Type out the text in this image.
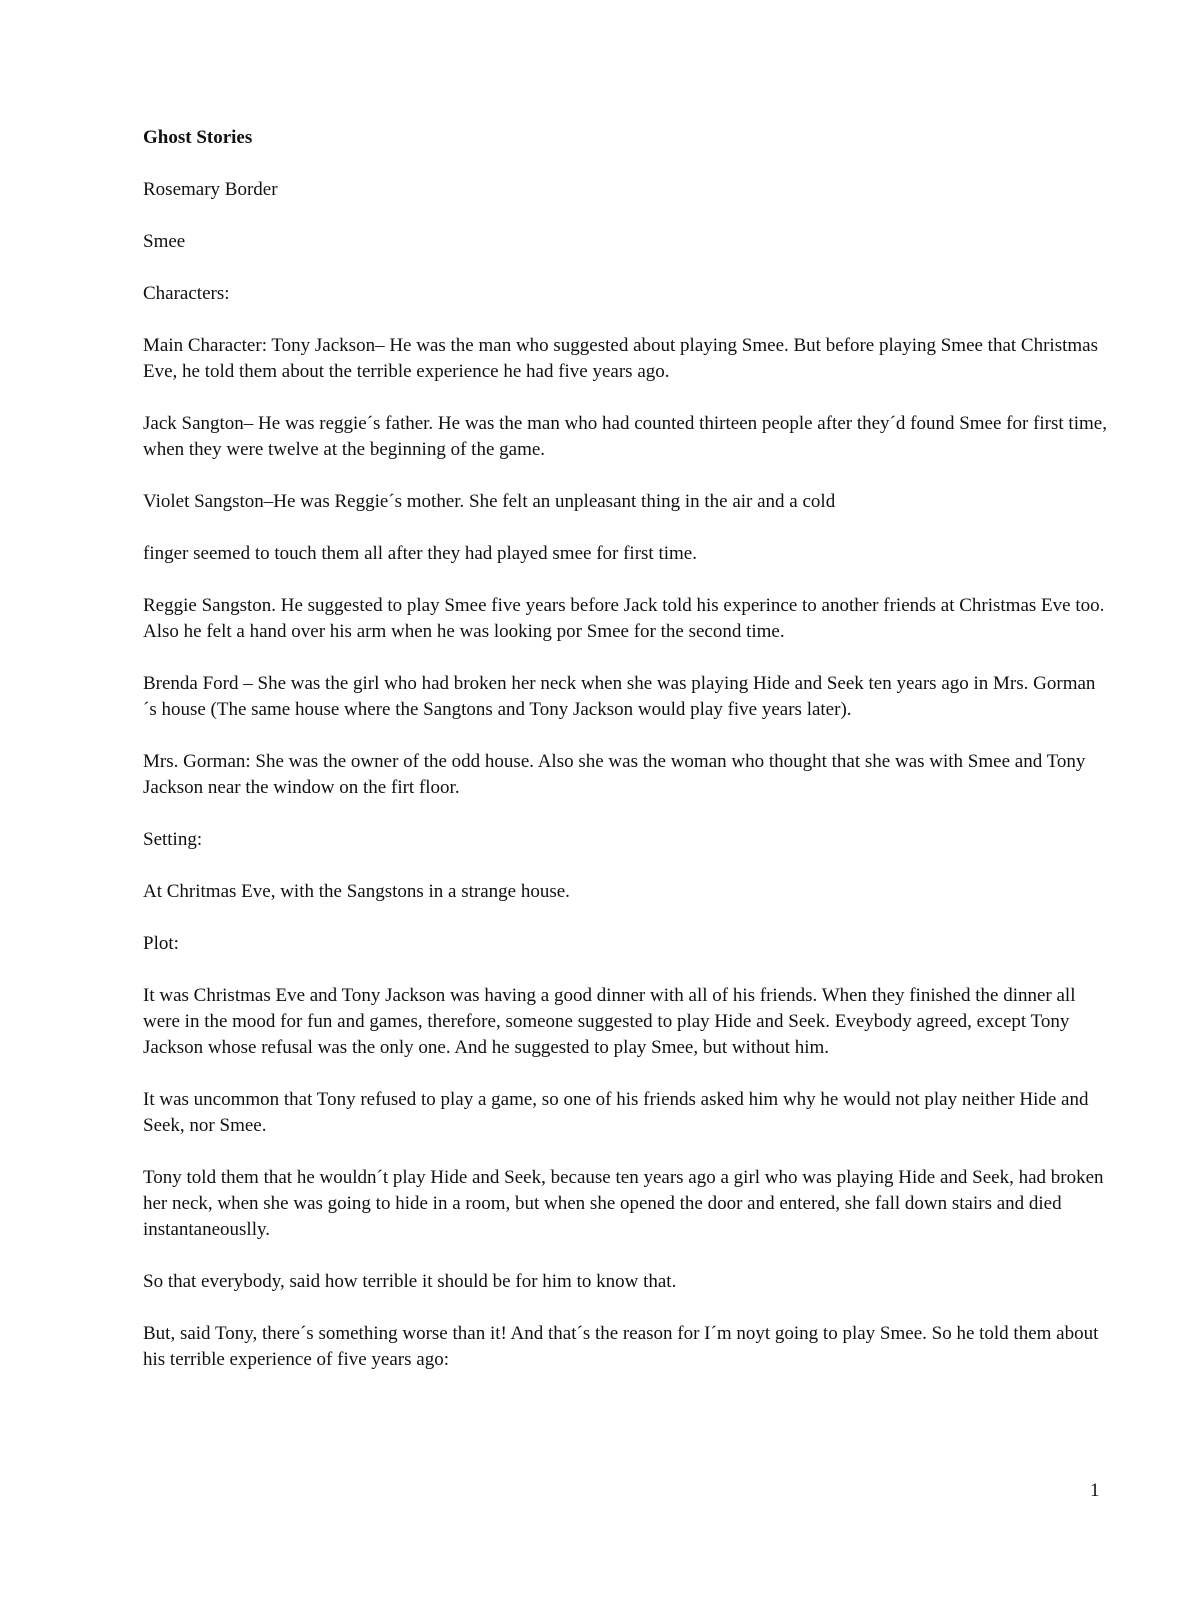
Ghost Stories

Rosemary Border

Smee

Characters:

Main Character: Tony Jackson– He was the man who suggested about playing Smee. But before playing Smee that Christmas Eve, he told them about the terrible experience he had five years ago.

Jack Sangton– He was reggie´s father. He was the man who had counted thirteen people after they´d found Smee for first time, when they were twelve at the beginning of the game.

Violet Sangston–He was Reggie´s mother. She felt an unpleasant thing in the air and a cold

finger seemed to touch them all after they had played smee for first time.

Reggie Sangston. He suggested to play Smee five years before Jack told his experince to another friends at Christmas Eve too. Also he felt a hand over his arm when he was looking por Smee for the second time.

Brenda Ford – She was the girl who had broken her neck when she was playing Hide and Seek ten years ago in Mrs. Gorman´s house (The same house where the Sangtons and Tony Jackson would play five years later).

Mrs. Gorman: She was the owner of the odd house. Also she was the woman who thought that she was with Smee and Tony Jackson near the window on the firt floor.

Setting:

At Chritmas Eve, with the Sangstons in a strange house.

Plot:

It was Christmas Eve and Tony Jackson was having a good dinner with all of his friends. When they finished the dinner all were in the mood for fun and games, therefore, someone suggested to play Hide and Seek. Eveybody agreed, except Tony Jackson whose refusal was the only one. And he suggested to play Smee, but without him.

It was uncommon that Tony refused to play a game, so one of his friends asked him why he would not play neither Hide and Seek, nor Smee.

Tony told them that he wouldn´t play Hide and Seek, because ten years ago a girl who was playing Hide and Seek, had broken her neck, when she was going to hide in a room, but when she opened the door and entered, she fall down stairs and died instantaneouslly.

So that everybody, said how terrible it should be for him to know that.

But, said Tony, there´s something worse than it! And that´s the reason for I´m noyt going to play Smee. So he told them about his terrible experience of five years ago:

1
